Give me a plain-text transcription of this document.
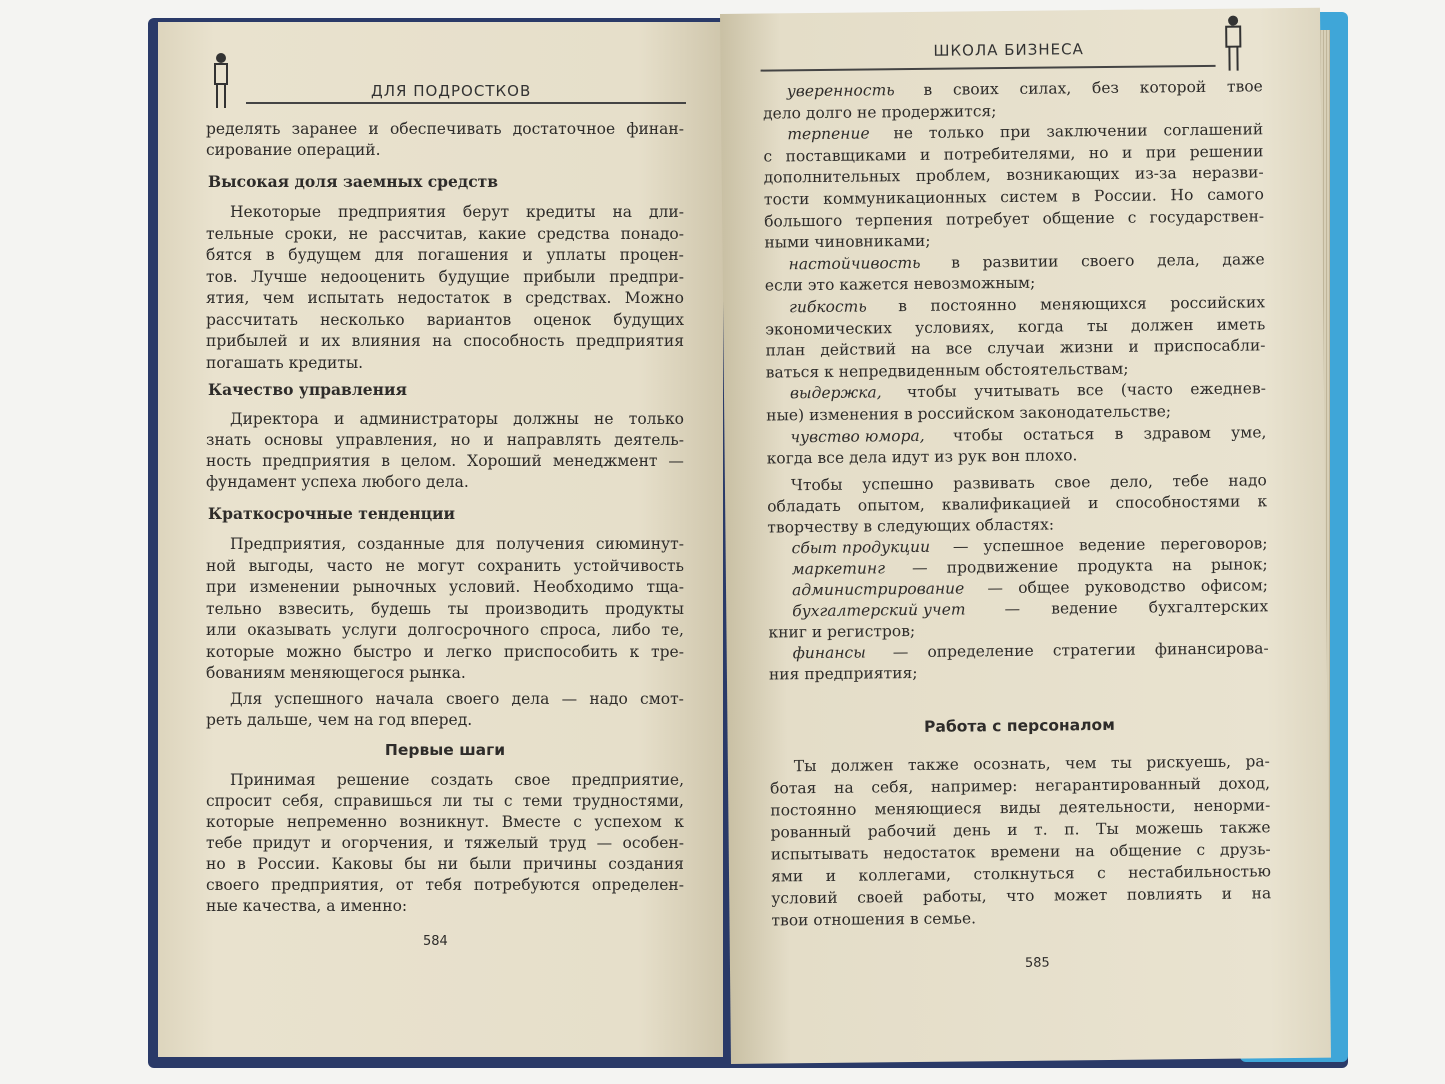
ДЛЯ ПОДРОСТКОВ
ределять заранее и обеспечивать достаточное финан-
сирование операций.
Высокая доля заемных средств
Некоторые предприятия берут кредиты на дли-
тельные сроки, не рассчитав, какие средства понадо-
бятся в будущем для погашения и уплаты процен-
тов. Лучше недооценить будущие прибыли предпри-
ятия, чем испытать недостаток в средствах. Можно
рассчитать несколько вариантов оценок будущих
прибылей и их влияния на способность предприятия
погашать кредиты.
Качество управления
Директора и администраторы должны не только
знать основы управления, но и направлять деятель-
ность предприятия в целом. Хороший менеджмент —
фундамент успеха любого дела.
Краткосрочные тенденции
Предприятия, созданные для получения сиюминут-
ной выгоды, часто не могут сохранить устойчивость
при изменении рыночных условий. Необходимо тща-
тельно взвесить, будешь ты производить продукты
или оказывать услуги долгосрочного спроса, либо те,
которые можно быстро и легко приспособить к тре-
бованиям меняющегося рынка.
Для успешного начала своего дела — надо смот-
реть дальше, чем на год вперед.
Первые шаги
Принимая решение создать свое предприятие,
спросит себя, справишься ли ты с теми трудностями,
которые непременно возникнут. Вместе с успехом к
тебе придут и огорчения, и тяжелый труд — особен-
но в России. Каковы бы ни были причины создания
своего предприятия, от тебя потребуются определен-
ные качества, а именно:
584
ШКОЛА БИЗНЕСА
уверенность в своих силах, без которой твое
дело долго не продержится;
терпение не только при заключении соглашений
с поставщиками и потребителями, но и при решении
дополнительных проблем, возникающих из-за неразви-
тости коммуникационных систем в России. Но самого
большого терпения потребует общение с государствен-
ными чиновниками;
настойчивость в развитии своего дела, даже
если это кажется невозможным;
гибкость в постоянно меняющихся российских
экономических условиях, когда ты должен иметь
план действий на все случаи жизни и приспосабли-
ваться к непредвиденным обстоятельствам;
выдержка, чтобы учитывать все (часто ежеднев-
ные) изменения в российском законодательстве;
чувство юмора, чтобы остаться в здравом уме,
когда все дела идут из рук вон плохо.
Чтобы успешно развивать свое дело, тебе надо
обладать опытом, квалификацией и способностями к
творчеству в следующих областях:
сбыт продукции — успешное ведение переговоров;
маркетинг — продвижение продукта на рынок;
администрирование — общее руководство офисом;
бухгалтерский учет	— ведение бухгалтерских
книг и регистров;
финансы — определение стратегии финансирова-
ния предприятия;
Работа с персоналом
Ты должен также осознать, чем ты рискуешь, ра-
ботая на себя, например: негарантированный доход,
постоянно меняющиеся виды деятельности, ненорми-
рованный рабочий день и т. п. Ты можешь также
испытывать недостаток времени на общение с друзь-
ями и коллегами, столкнуться с нестабильностью
условий своей работы, что может повлиять и на
твои отношения в семье.
585
